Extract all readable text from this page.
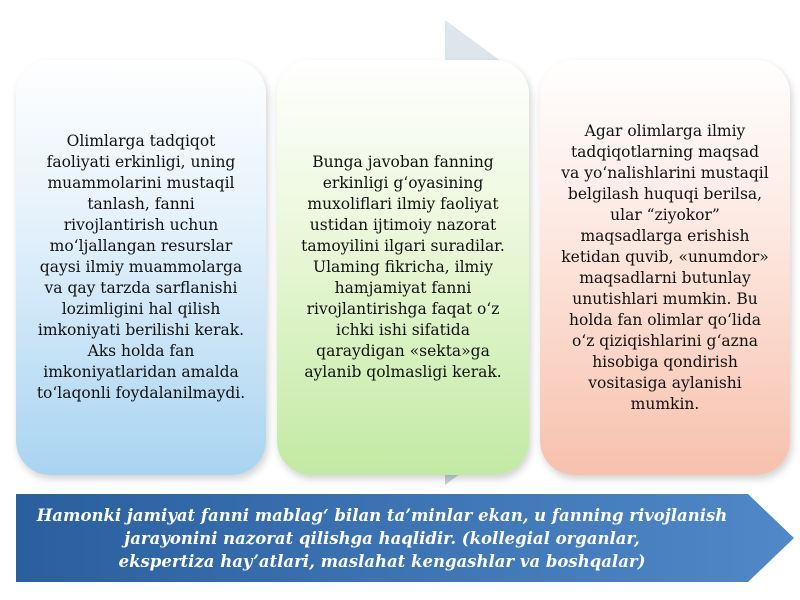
Olimlarga tadqiqot faoliyati erkinligi, uning muammolarini mustaqil tanlash, fanni rivojlantirish uchun mo‘ljallangan resurslar qaysi ilmiy muammolarga va qay tarzda sarflanishi lozimligini hal qilish imkoniyati berilishi kerak. Aks holda fan imkoniyatlaridan amalda to‘laqonli foydalanilmaydi.
Bunga javoban fanning erkinligi g‘oyasining muxoliflari ilmiy faoliyat ustidan ijtimoiy nazorat tamoyilini ilgari suradilar. Ulaming fikricha, ilmiy hamjamiyat fanni rivojlantirishga faqat o‘z ichki ishi sifatida qaraydigan «sekta»ga aylanib qolmasligi kerak.
Agar olimlarga ilmiy tadqiqotlarning maqsad va yo‘nalishlarini mustaqil belgilash huquqi berilsa, ular “ziyokor” maqsadlarga erishish ketidan quvib, «unumdor» maqsadlarni butunlay unutishlari mumkin. Bu holda fan olimlar qo‘lida o‘z qiziqishlarini g‘azna hisobiga qondirish vositasiga aylanishi mumkin.
Hamonki jamiyat fanni mablag‘ bilan ta’minlar ekan, u fanning rivojlanish
jarayonini nazorat qilishga haqlidir. (kollegial organlar,
ekspertiza hay’atlari, maslahat kengashlar va boshqalar)
